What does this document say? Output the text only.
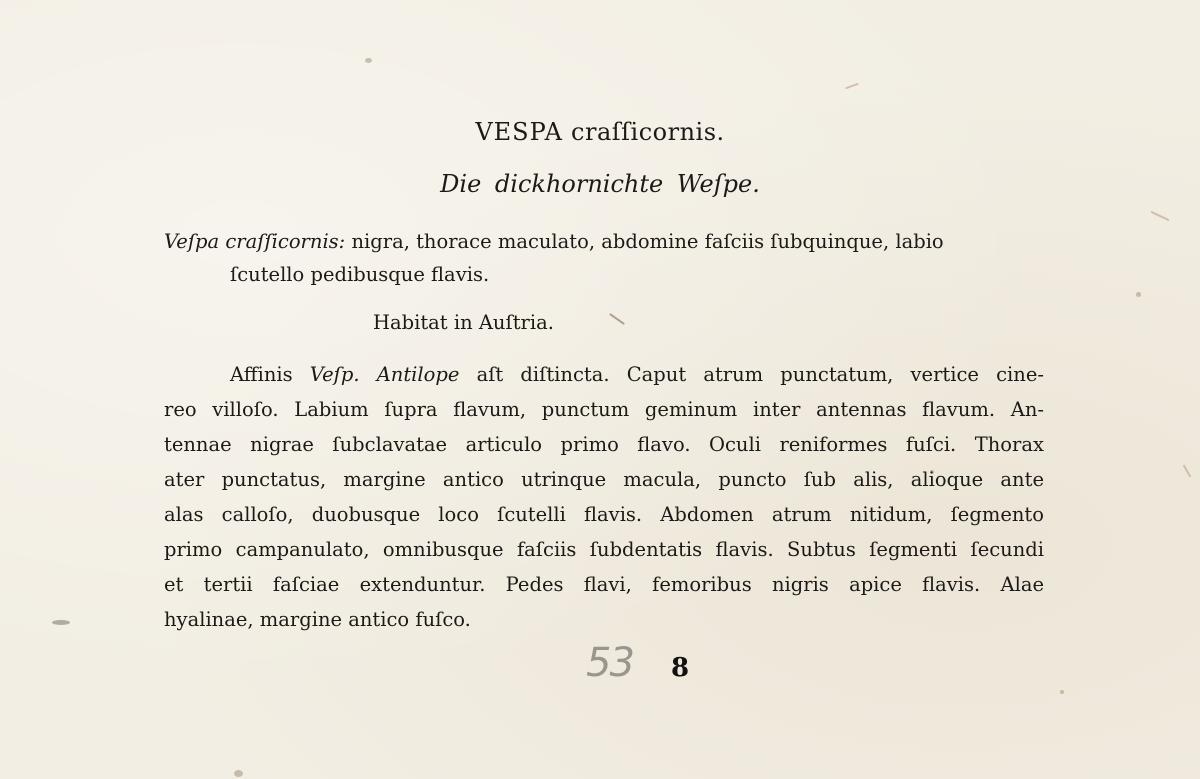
VESPA craſſicornis.
Die dickhornichte Weſpe.
Veſpa craſſicornis: nigra, thorace maculato, abdomine faſciis ſubquinque, labio
ſcutello pedibusque flavis.
Habitat in Auſtria.
Affinis Veſp. Antilope aſt diſtincta. Caput atrum punctatum, vertice cine-
reo villoſo. Labium ſupra flavum, punctum geminum inter antennas flavum. An-
tennae nigrae ſubclavatae articulo primo flavo. Oculi reniformes fuſci. Thorax
ater punctatus, margine antico utrinque macula, puncto ſub alis, alioque ante
alas calloſo, duobusque loco ſcutelli flavis. Abdomen atrum nitidum, ſegmento
primo campanulato, omnibusque faſciis ſubdentatis flavis. Subtus ſegmenti ſecundi
et tertii faſciae extenduntur. Pedes flavi, femoribus nigris apice flavis. Alae
hyalinae, margine antico fuſco.
53 8
